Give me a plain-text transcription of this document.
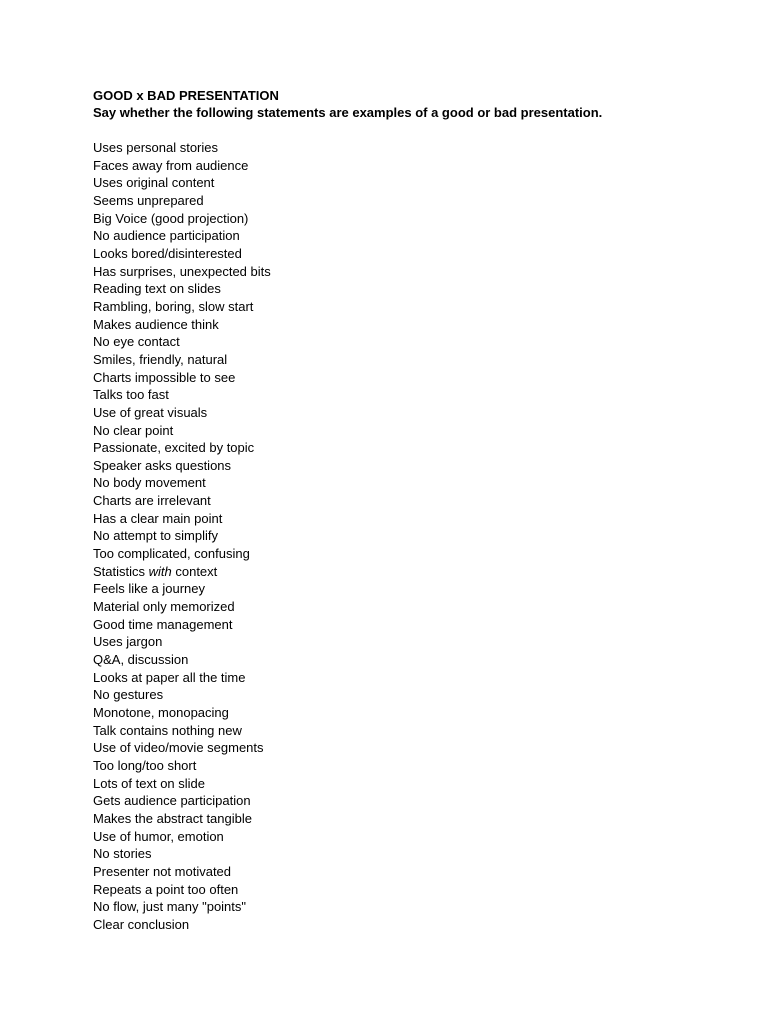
GOOD x BAD PRESENTATION

Say whether the following statements are examples of a good or bad presentation.

Uses personal stories
Faces away from audience
Uses original content
Seems unprepared
Big Voice (good projection)
No audience participation
Looks bored/disinterested
Has surprises, unexpected bits
Reading text on slides
Rambling, boring, slow start
Makes audience think
No eye contact
Smiles, friendly, natural
Charts impossible to see
Talks too fast
Use of great visuals
No clear point
Passionate, excited by topic
Speaker asks questions
No body movement
Charts are irrelevant
Has a clear main point
No attempt to simplify
Too complicated, confusing
Statistics with context
Feels like a journey
Material only memorized
Good time management
Uses jargon
Q&A, discussion
Looks at paper all the time
No gestures
Monotone, monopacing
Talk contains nothing new
Use of video/movie segments
Too long/too short
Lots of text on slide
Gets audience participation
Makes the abstract tangible
Use of humor, emotion
No stories
Presenter not motivated
Repeats a point too often
No flow, just many "points"
Clear conclusion
